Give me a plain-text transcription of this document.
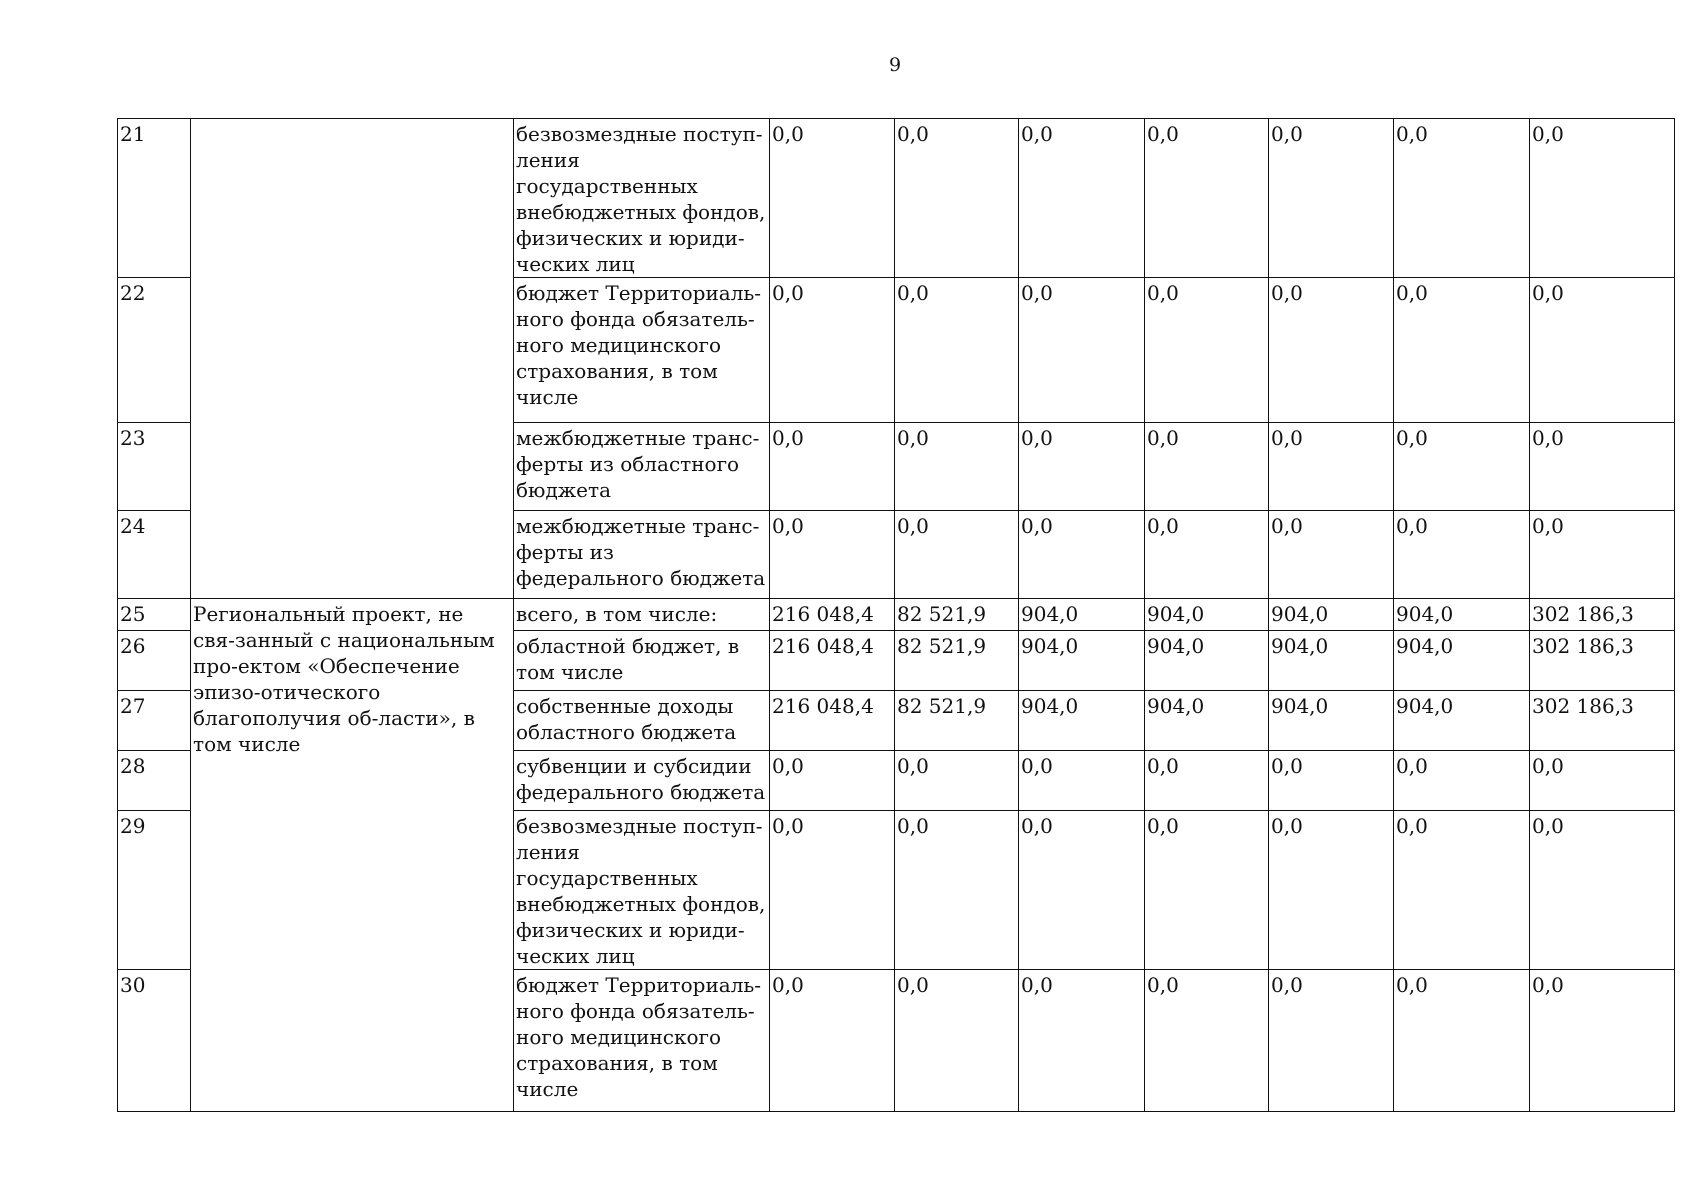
9
21		безвозмездные поступ-ления государственных внебюджетных фондов, физических и юриди-ческих лиц	0,0	0,0	0,0	0,0	0,0	0,0	0,0
22		бюджет Территориаль-ного фонда обязатель-ного медицинского страхования, в том числе	0,0	0,0	0,0	0,0	0,0	0,0	0,0
23		межбюджетные транс-ферты из областного бюджета	0,0	0,0	0,0	0,0	0,0	0,0	0,0
24		межбюджетные транс-ферты из федерального бюджета	0,0	0,0	0,0	0,0	0,0	0,0	0,0
25	Региональный проект, не свя-занный с национальным про-ектом «Обеспечение эпизо-отического благополучия об-ласти», в том числе	всего, в том числе:	216 048,4	82 521,9	904,0	904,0	904,0	904,0	302 186,3
26		областной бюджет, в том числе	216 048,4	82 521,9	904,0	904,0	904,0	904,0	302 186,3
27		собственные доходы областного бюджета	216 048,4	82 521,9	904,0	904,0	904,0	904,0	302 186,3
28		субвенции и субсидии федерального бюджета	0,0	0,0	0,0	0,0	0,0	0,0	0,0
29		безвозмездные поступ-ления государственных внебюджетных фондов, физических и юриди-ческих лиц	0,0	0,0	0,0	0,0	0,0	0,0	0,0
30		бюджет Территориаль-ного фонда обязатель-ного медицинского страхования, в том числе	0,0	0,0	0,0	0,0	0,0	0,0	0,0
